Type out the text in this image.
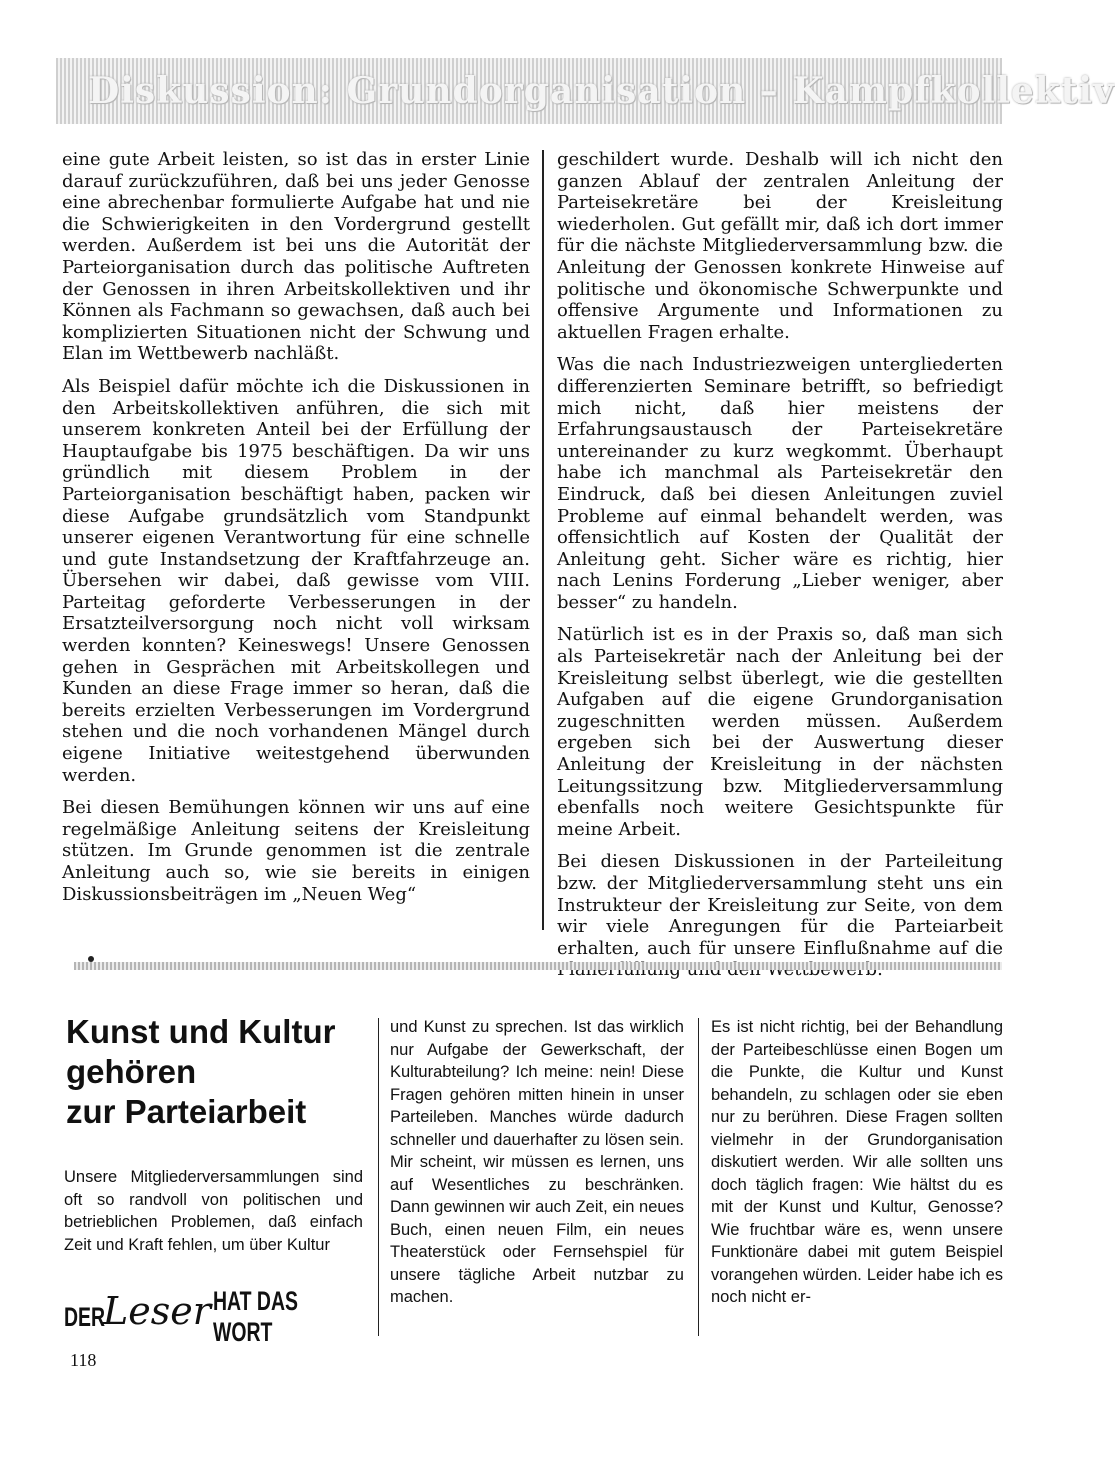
Diskussion: Grundorganisation – Kampfkollektiv

eine gute Arbeit leisten, so ist das in erster Linie darauf zurückzuführen, daß bei uns jeder Genosse eine abrechenbar formulierte Aufgabe hat und nie die Schwierigkeiten in den Vordergrund gestellt werden. Außerdem ist bei uns die Autorität der Parteiorganisation durch das politische Auftreten der Genossen in ihren Arbeitskollektiven und ihr Können als Fachmann so gewachsen, daß auch bei komplizierten Situationen nicht der Schwung und Elan im Wettbewerb nachläßt.

Als Beispiel dafür möchte ich die Diskussionen in den Arbeitskollektiven anführen, die sich mit unserem konkreten Anteil bei der Erfüllung der Hauptaufgabe bis 1975 beschäftigen. Da wir uns gründlich mit diesem Problem in der Parteiorganisation beschäftigt haben, packen wir diese Aufgabe grundsätzlich vom Standpunkt unserer eigenen Verantwortung für eine schnelle und gute Instandsetzung der Kraftfahrzeuge an. Übersehen wir dabei, daß gewisse vom VIII. Parteitag geforderte Verbesserungen in der Ersatzteilversorgung noch nicht voll wirksam werden konnten? Keineswegs! Unsere Genossen gehen in Gesprächen mit Arbeitskollegen und Kunden an diese Frage immer so heran, daß die bereits erzielten Verbesserungen im Vordergrund stehen und die noch vorhandenen Mängel durch eigene Initiative weitestgehend überwunden werden.

Bei diesen Bemühungen können wir uns auf eine regelmäßige Anleitung seitens der Kreisleitung stützen. Im Grunde genommen ist die zentrale Anleitung auch so, wie sie bereits in einigen Diskussionsbeiträgen im „Neuen Weg“

geschildert wurde. Deshalb will ich nicht den ganzen Ablauf der zentralen Anleitung der Parteisekretäre bei der Kreisleitung wiederholen. Gut gefällt mir, daß ich dort immer für die nächste Mitgliederversammlung bzw. die Anleitung der Genossen konkrete Hinweise auf politische und ökonomische Schwerpunkte und offensive Argumente und Informationen zu aktuellen Fragen erhalte.

Was die nach Industriezweigen untergliederten differenzierten Seminare betrifft, so befriedigt mich nicht, daß hier meistens der Erfahrungsaustausch der Parteisekretäre untereinander zu kurz wegkommt. Überhaupt habe ich manchmal als Parteisekretär den Eindruck, daß bei diesen Anleitungen zuviel Probleme auf einmal behandelt werden, was offensichtlich auf Kosten der Qualität der Anleitung geht. Sicher wäre es richtig, hier nach Lenins Forderung „Lieber weniger, aber besser“ zu handeln.

Natürlich ist es in der Praxis so, daß man sich als Parteisekretär nach der Anleitung bei der Kreisleitung selbst überlegt, wie die gestellten Aufgaben auf die eigene Grundorganisation zugeschnitten werden müssen. Außerdem ergeben sich bei der Auswertung dieser Anleitung der Kreisleitung in der nächsten Leitungssitzung bzw. Mitgliederversammlung ebenfalls noch weitere Gesichtspunkte für meine Arbeit.

Bei diesen Diskussionen in der Parteileitung bzw. der Mitgliederversammlung steht uns ein Instrukteur der Kreisleitung zur Seite, von dem wir viele Anregungen für die Parteiarbeit erhalten, auch für unsere Einflußnahme auf die

Kunst und Kultur
gehören
zur Parteiarbeit

Unsere Mitgliederversammlungen sind oft so randvoll von politischen und betrieblichen Problemen, daß einfach Zeit und Kraft fehlen, um über Kultur

und Kunst zu sprechen. Ist das wirklich nur Aufgabe der Gewerkschaft, der Kulturabteilung? Ich meine: nein! Diese Fragen gehören mitten hinein in unser Parteileben. Manches würde dadurch schneller und dauerhafter zu lösen sein. Mir scheint, wir müssen es lernen, uns auf Wesentliches zu beschränken. Dann gewinnen wir auch Zeit, ein neues Buch, einen neuen Film, ein neues Theaterstück oder Fernsehspiel für unsere tägliche Arbeit nutzbar zu machen.

Es ist nicht richtig, bei der Behandlung der Parteibeschlüsse einen Bogen um die Punkte, die Kultur und Kunst behandeln, zu schlagen oder sie eben nur zu berühren. Diese Fragen sollten vielmehr in der Grundorganisation diskutiert werden. Wir alle sollten uns doch täglich fragen: Wie hältst du es mit der Kunst und Kultur, Genosse? Wie fruchtbar wäre es, wenn unsere Funktionäre dabei mit gutem Beispiel vorangehen würden. Leider habe ich es noch nicht er-

DER
Leser HAT DAS WORT
118
